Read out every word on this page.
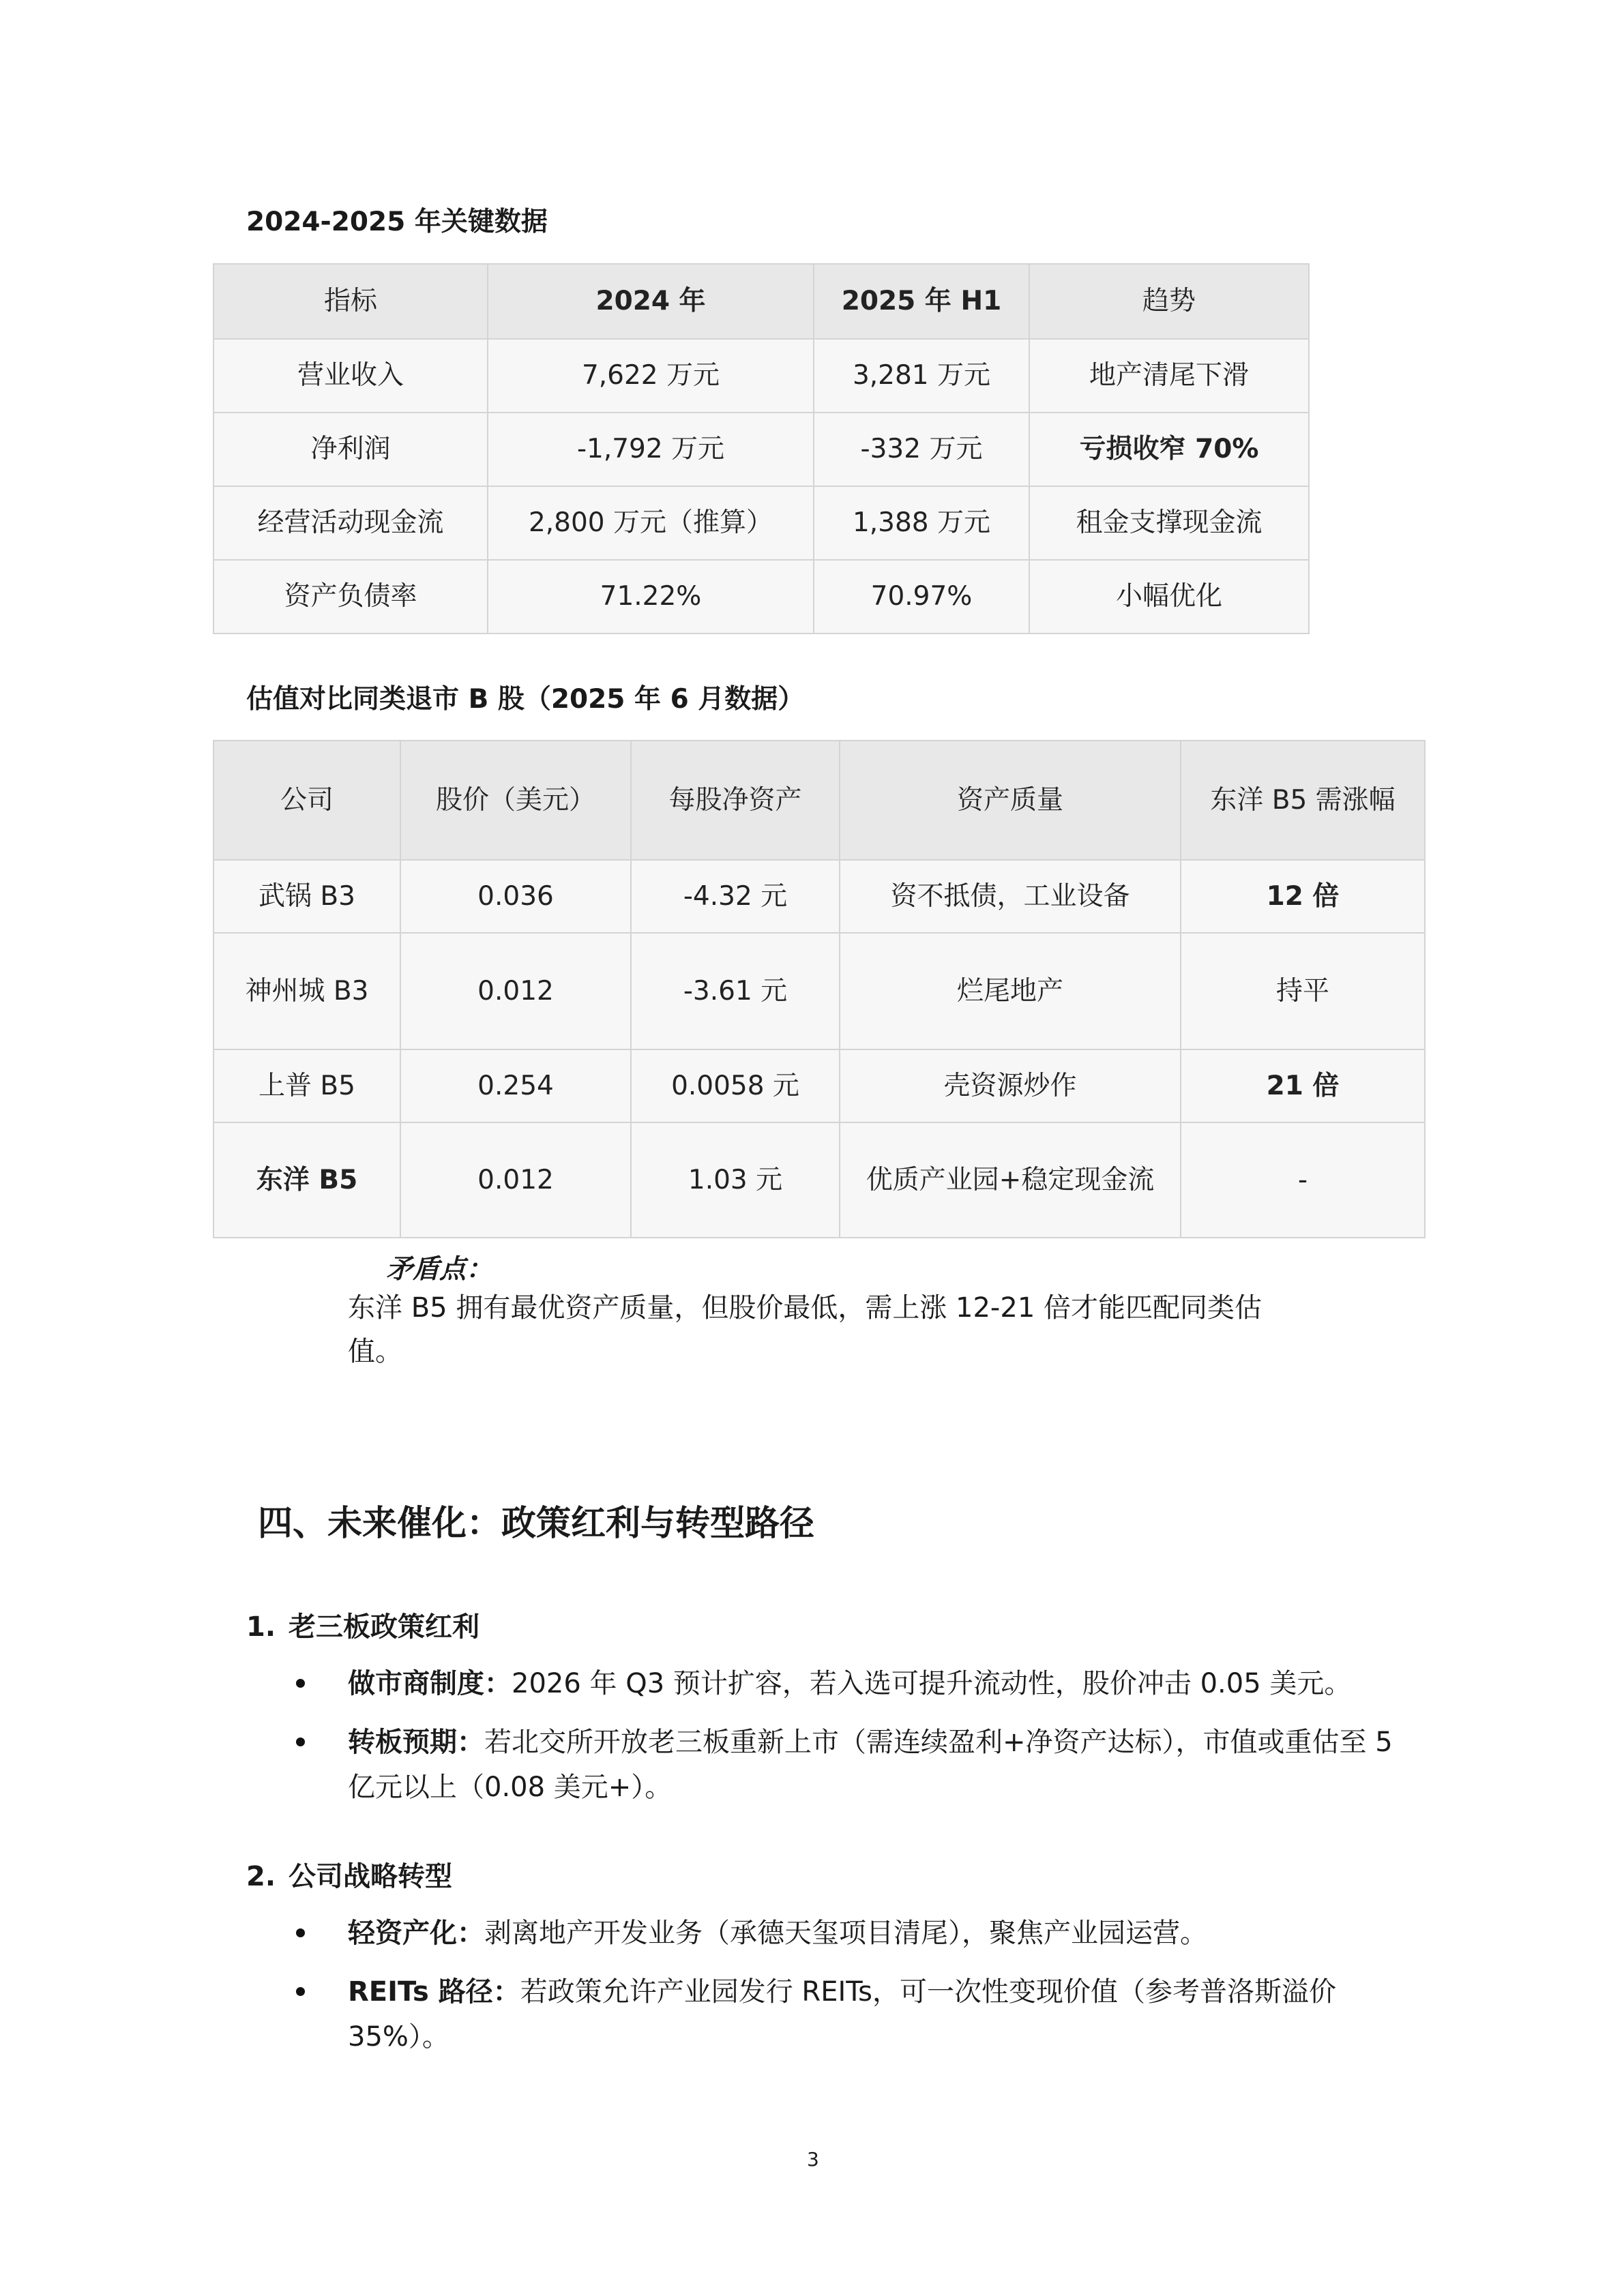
2024-2025 年关键数据
指标	2024 年	2025 年 H1	趋势
营业收入	7,622 万元	3,281 万元	地产清尾下滑
净利润	-1,792 万元	-332 万元	亏损收窄 70%
经营活动现金流	2,800 万元（推算）	1,388 万元	租金支撑现金流
资产负债率	71.22%	70.97%	小幅优化
估值对比同类退市 B 股（2025 年 6 月数据）
公司	股价（美元）	每股净资产	资产质量	东洋 B5 需涨幅
武锅 B3	0.036	-4.32 元	资不抵债，工业设备	12 倍
神州城 B3	0.012	-3.61 元	烂尾地产	持平
上普 B5	0.254	0.0058 元	壳资源炒作	21 倍
东洋 B5	0.012	1.03 元	优质产业园+稳定现金流	-
矛盾点：
东洋 B5 拥有最优资产质量，但股价最低，需上涨 12-21 倍才能匹配同类估值。
四、未来催化：政策红利与转型路径
1. 老三板政策红利
做市商制度：2026 年 Q3 预计扩容，若入选可提升流动性，股价冲击 0.05 美元。
转板预期：若北交所开放老三板重新上市（需连续盈利+净资产达标），市值或重估至 5 亿元以上（0.08 美元+）。
2. 公司战略转型
轻资产化：剥离地产开发业务（承德天玺项目清尾），聚焦产业园运营。
REITs 路径：若政策允许产业园发行 REITs，可一次性变现价值（参考普洛斯溢价 35%）。
3
